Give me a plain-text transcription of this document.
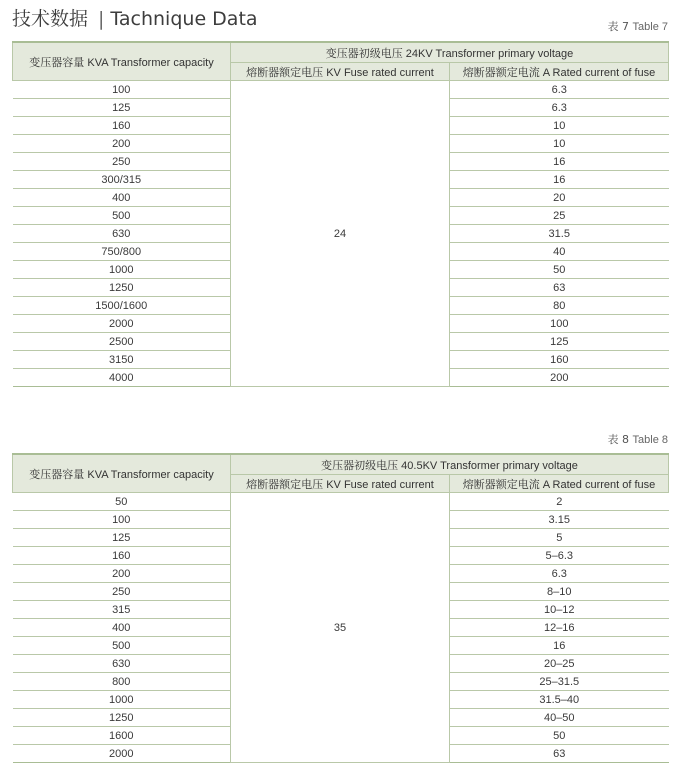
技术数据 | Tachnique Data	表 7 Table 7
变压器容量 KVA Transformer capacity	变压器初级电压 24KV Transformer primary voltage	
	熔断器额定电压 KV Fuse rated current	熔断器额定电流 A Rated current of fuse
100	24	6.3
125		6.3
160		10
200		10
250		16
300/315		16
400		20
500		25
630		31.5
750/800		40
1000		50
1250		63
1500/1600		80
2000		100
2500		125
3150		160
4000		200
表 8 Table 8
变压器容量 KVA Transformer capacity	变压器初级电压 40.5KV Transformer primary voltage	
	熔断器额定电压 KV Fuse rated current	熔断器额定电流 A Rated current of fuse
50	35	2
100		3.15
125		5
160		5–6.3
200		6.3
250		8–10
315		10–12
400		12–16
500		16
630		20–25
800		25–31.5
1000		31.5–40
1250		40–50
1600		50
2000		63
